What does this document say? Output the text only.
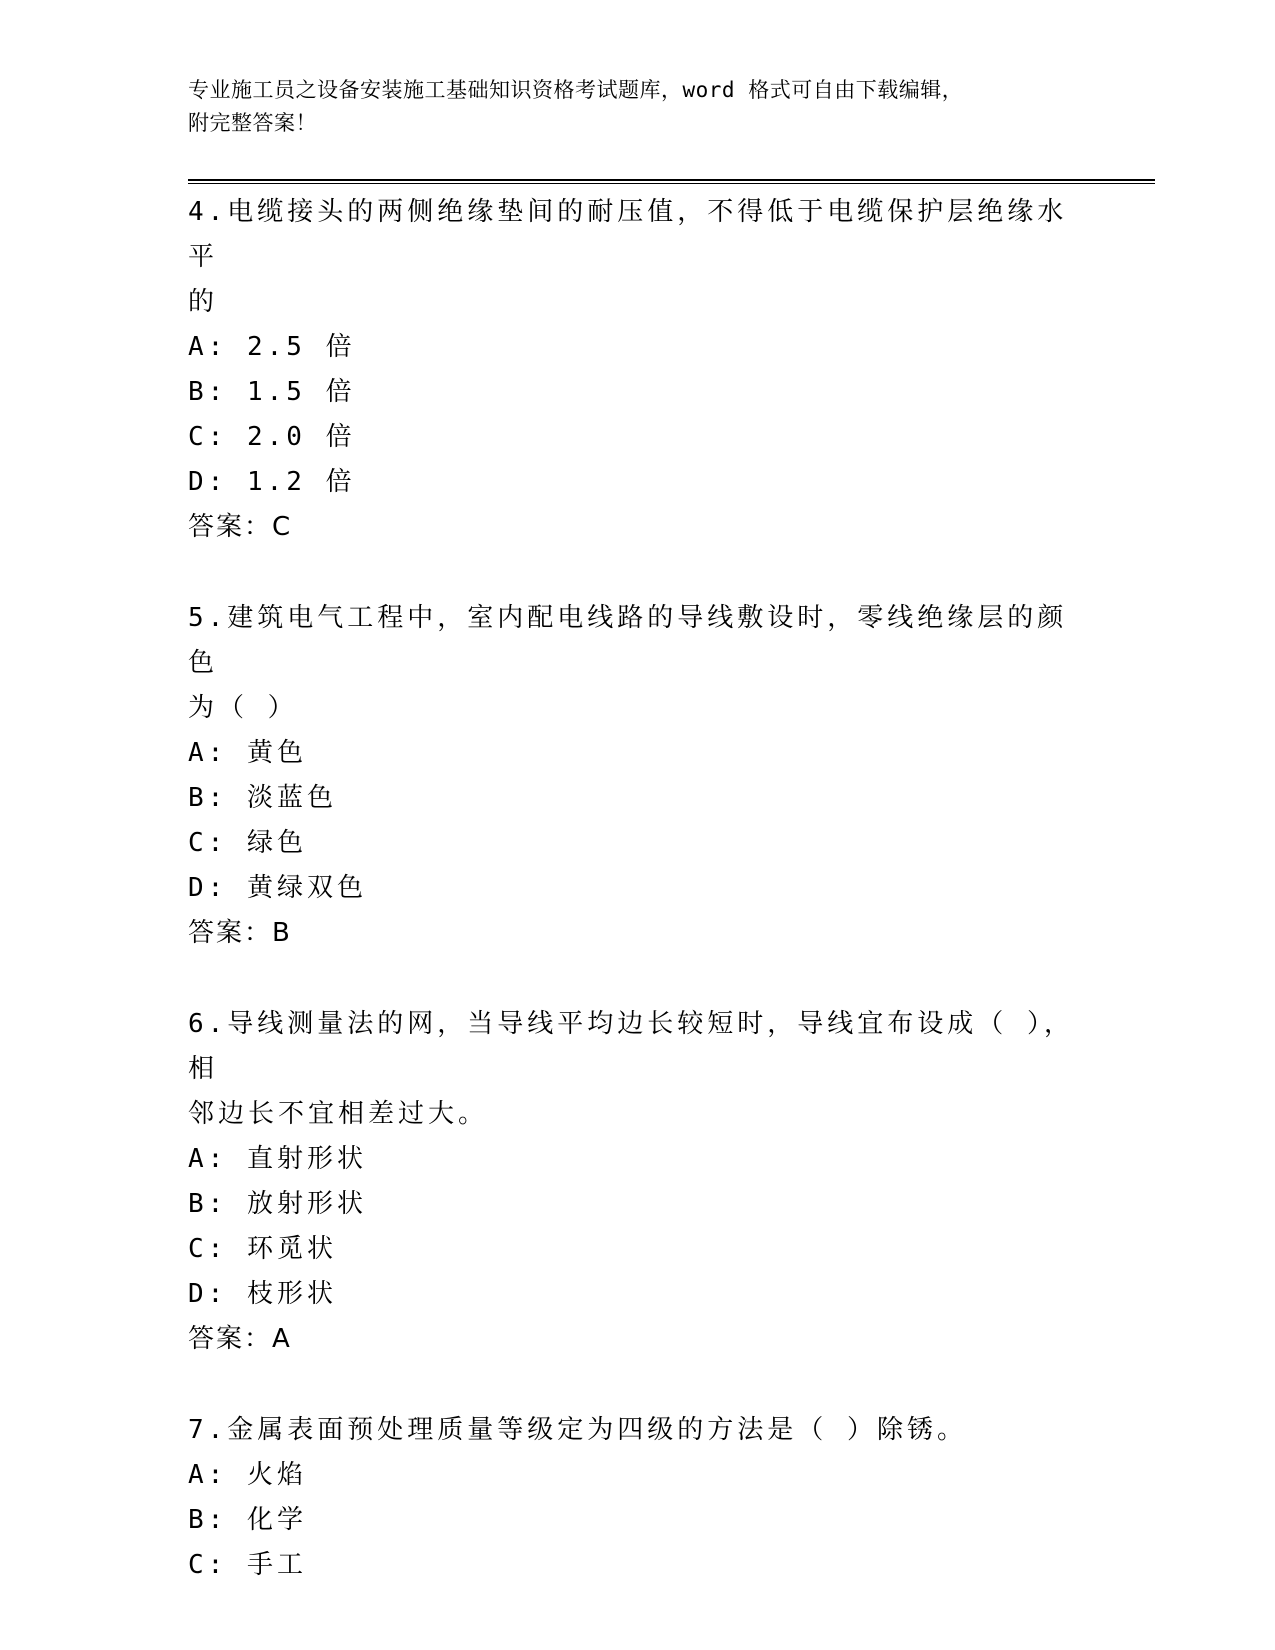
专业施工员之设备安装施工基础知识资格考试题库，word 格式可自由下载编辑，
附完整答案！
4.电缆接头的两侧绝缘垫间的耐压值，不得低于电缆保护层绝缘水平
的
A: 2.5 倍
B: 1.5 倍
C: 2.0 倍
D: 1.2 倍
答案：C
5.建筑电气工程中，室内配电线路的导线敷设时，零线绝缘层的颜色
为（ ）
A: 黄色
B: 淡蓝色
C: 绿色
D: 黄绿双色
答案：B
6.导线测量法的网，当导线平均边长较短时，导线宜布设成（ ），相
邻边长不宜相差过大。
A: 直射形状
B: 放射形状
C: 环觅状
D: 枝形状
答案：A
7.金属表面预处理质量等级定为四级的方法是（ ）除锈。
A: 火焰
B: 化学
C: 手工
